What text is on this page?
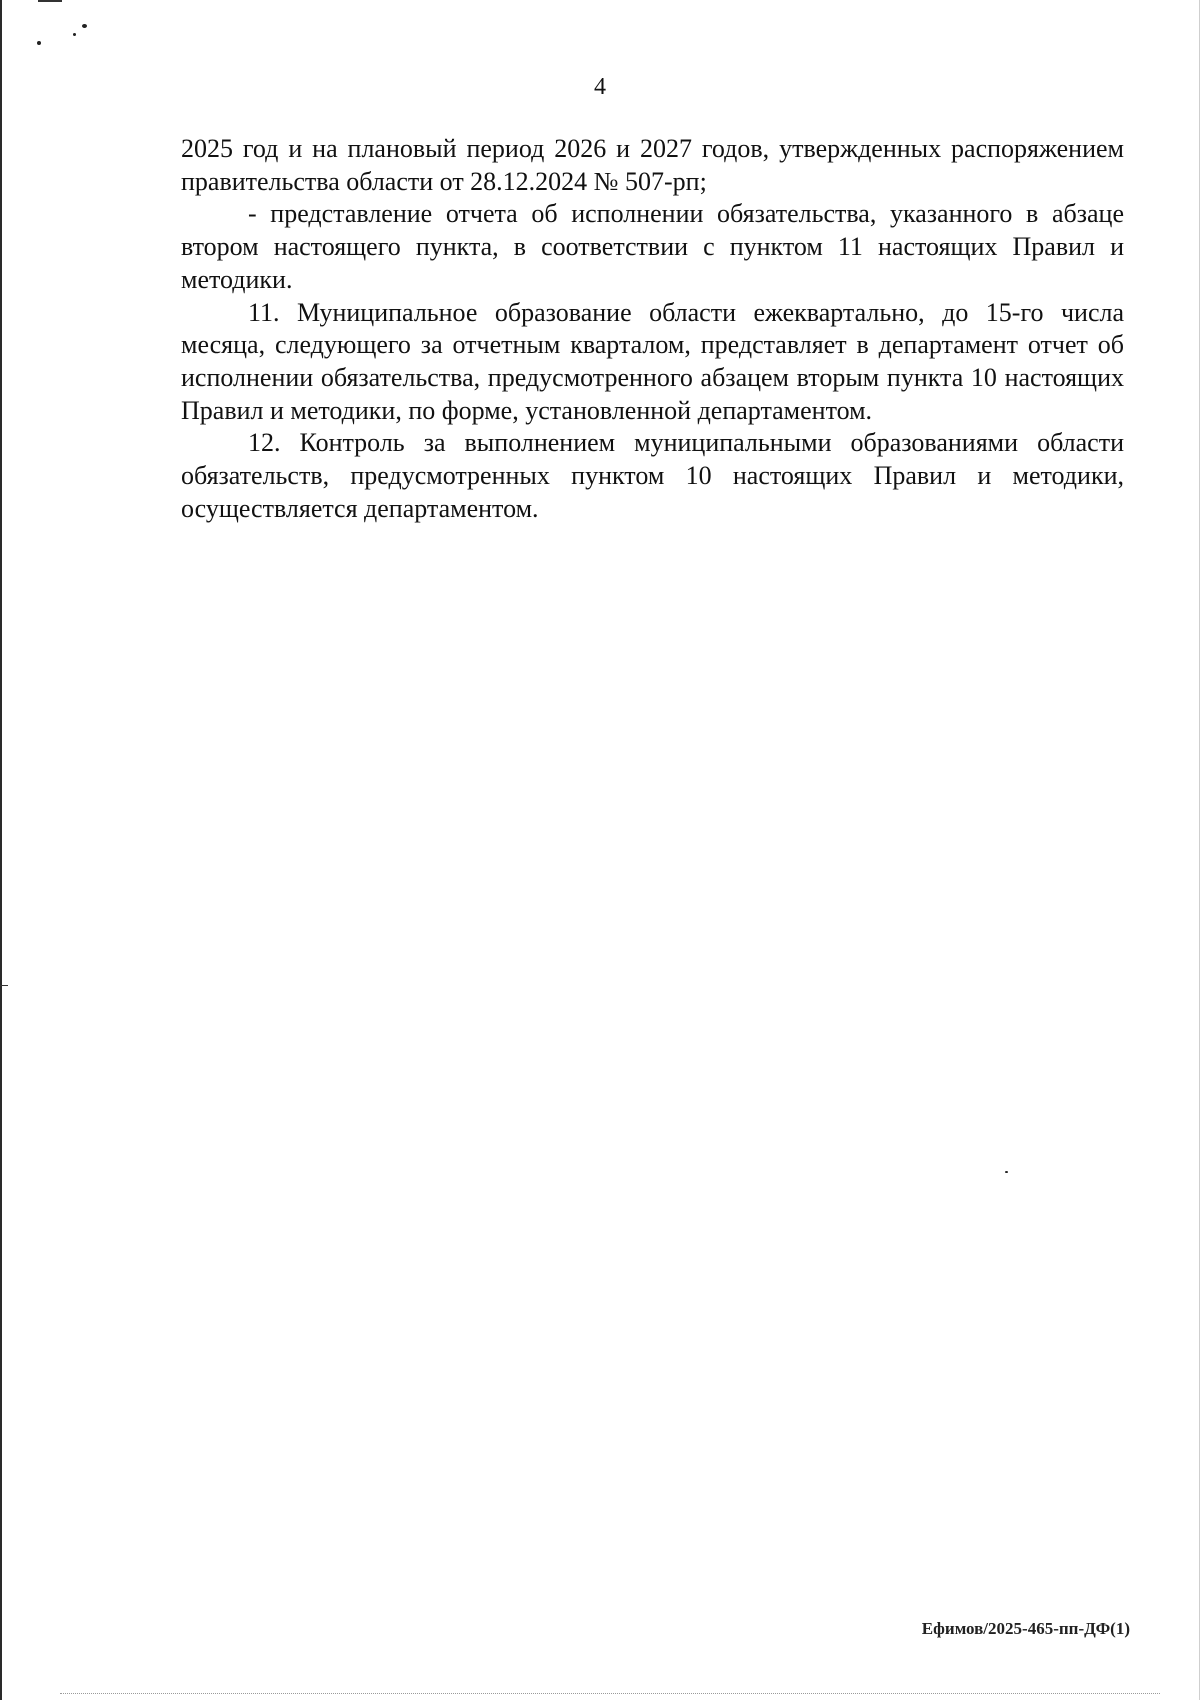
4

2025 год и на плановый период 2026 и 2027 годов, утвержденных распоряжением правительства области от 28.12.2024 № 507-рп;

- представление отчета об исполнении обязательства, указанного в абзаце втором настоящего пункта, в соответствии с пунктом 11 настоящих Правил и методики.

11. Муниципальное образование области ежеквартально, до 15-го числа месяца, следующего за отчетным кварталом, представляет в департамент отчет об исполнении обязательства, предусмотренного абзацем вторым пункта 10 настоящих Правил и методики, по форме, установленной департаментом.

12. Контроль за выполнением муниципальными образованиями области обязательств, предусмотренных пунктом 10 настоящих Правил и методики, осуществляется департаментом.

Ефимов/2025-465-пп-ДФ(1)
